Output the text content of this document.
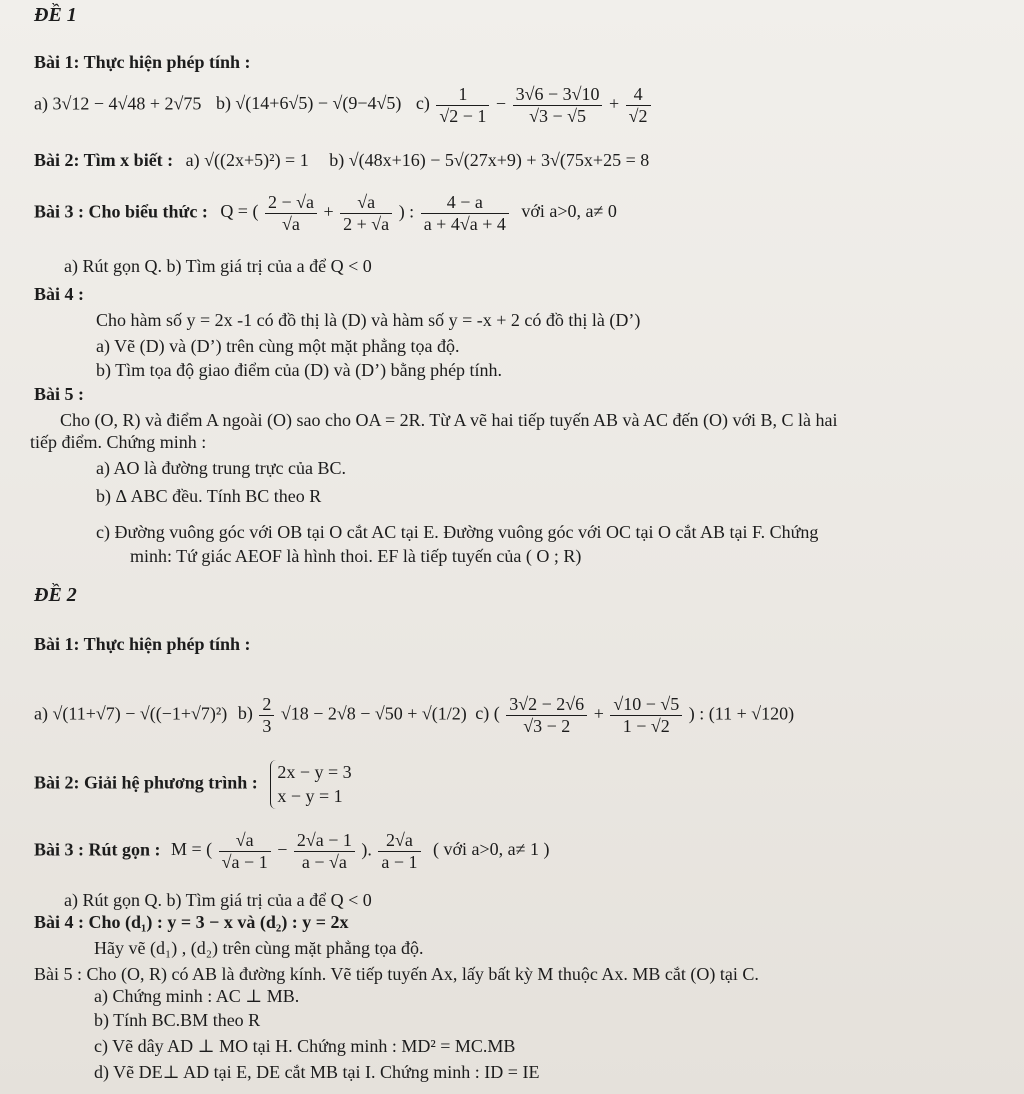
ĐỀ 1
Bài 1: Thực hiện phép tính :
a) 3√12 − 4√48 + 2√75 b) √(14+6√5) − √(9−4√5) $c) \frac{1}{√2 - 1} - \frac{3√6 - 3√10}{√3 - √5} + \frac{4}{√2}$
Bài 2: Tìm x biết : a) √((2x+5)²) = 1 b) √(48x+16) − 5√(27x+9) + 3√(75x+25 = 8
Bài 3 : Cho biểu thức : Q = ( $\frac{2 - √a}{√a} + \frac{√a}{2 + √a}$ ) : $\frac{4 - a}{a + 4√a + 4}$ với a>0, a≠ 0
a) Rút gọn Q. b) Tìm giá trị của a để Q < 0
Bài 4 :
Cho hàm số y = 2x -1 có đồ thị là (D) và hàm số y = -x + 2 có đồ thị là (D’)
a) Vẽ (D) và (D’) trên cùng một mặt phẳng tọa độ.
b) Tìm tọa độ giao điểm của (D) và (D’) bằng phép tính.
Bài 5 :
Cho (O, R) và điểm A ngoài (O) sao cho OA = 2R. Từ A vẽ hai tiếp tuyến AB và AC đến (O) với B, C là hai
tiếp điểm. Chứng minh :
a) AO là đường trung trực của BC.
b) Δ ABC đều. Tính BC theo R
c) Đường vuông góc với OB tại O cắt AC tại E. Đường vuông góc với OC tại O cắt AB tại F. Chứng
minh: Tứ giác AEOF là hình thoi. EF là tiếp tuyến của ( O ; R)
ĐỀ 2
Bài 1: Thực hiện phép tính :
a) √(11+√7) − √((−1+√7)²) $b) \frac{2}{3} √18 - 2√8 - √50 + √(1/2)$ c) ( $\frac{3√2 - 2√6}{√3 - 2} + \frac{√10 - √5}{1 - √2}$ ) : (11 + √120)
Bài 2: Giải hệ phương trình :
2x − y = 3
x − y = 1
Bài 3 : Rút gọn : M = ( $\frac{√a}{√a - 1} - \frac{2√a - 1}{a - √a}$ ). $\frac{2√a}{a - 1}$ ( với a>0, a≠ 1 )
a) Rút gọn Q. b) Tìm giá trị của a để Q < 0
Bài 4 : Cho (d₁) : y = 3 − x và (d₂) : y = 2x
Hãy vẽ (d₁) , (d₂) trên cùng mặt phẳng tọa độ.
Bài 5 : Cho (O, R) có AB là đường kính. Vẽ tiếp tuyến Ax, lấy bất kỳ M thuộc Ax. MB cắt (O) tại C.
a) Chứng minh : AC ⊥ MB.
b) Tính BC.BM theo R
c) Vẽ dây AD ⊥ MO tại H. Chứng minh : MD² = MC.MB
d) Vẽ DE⊥ AD tại E, DE cắt MB tại I. Chứng minh : ID = IE
